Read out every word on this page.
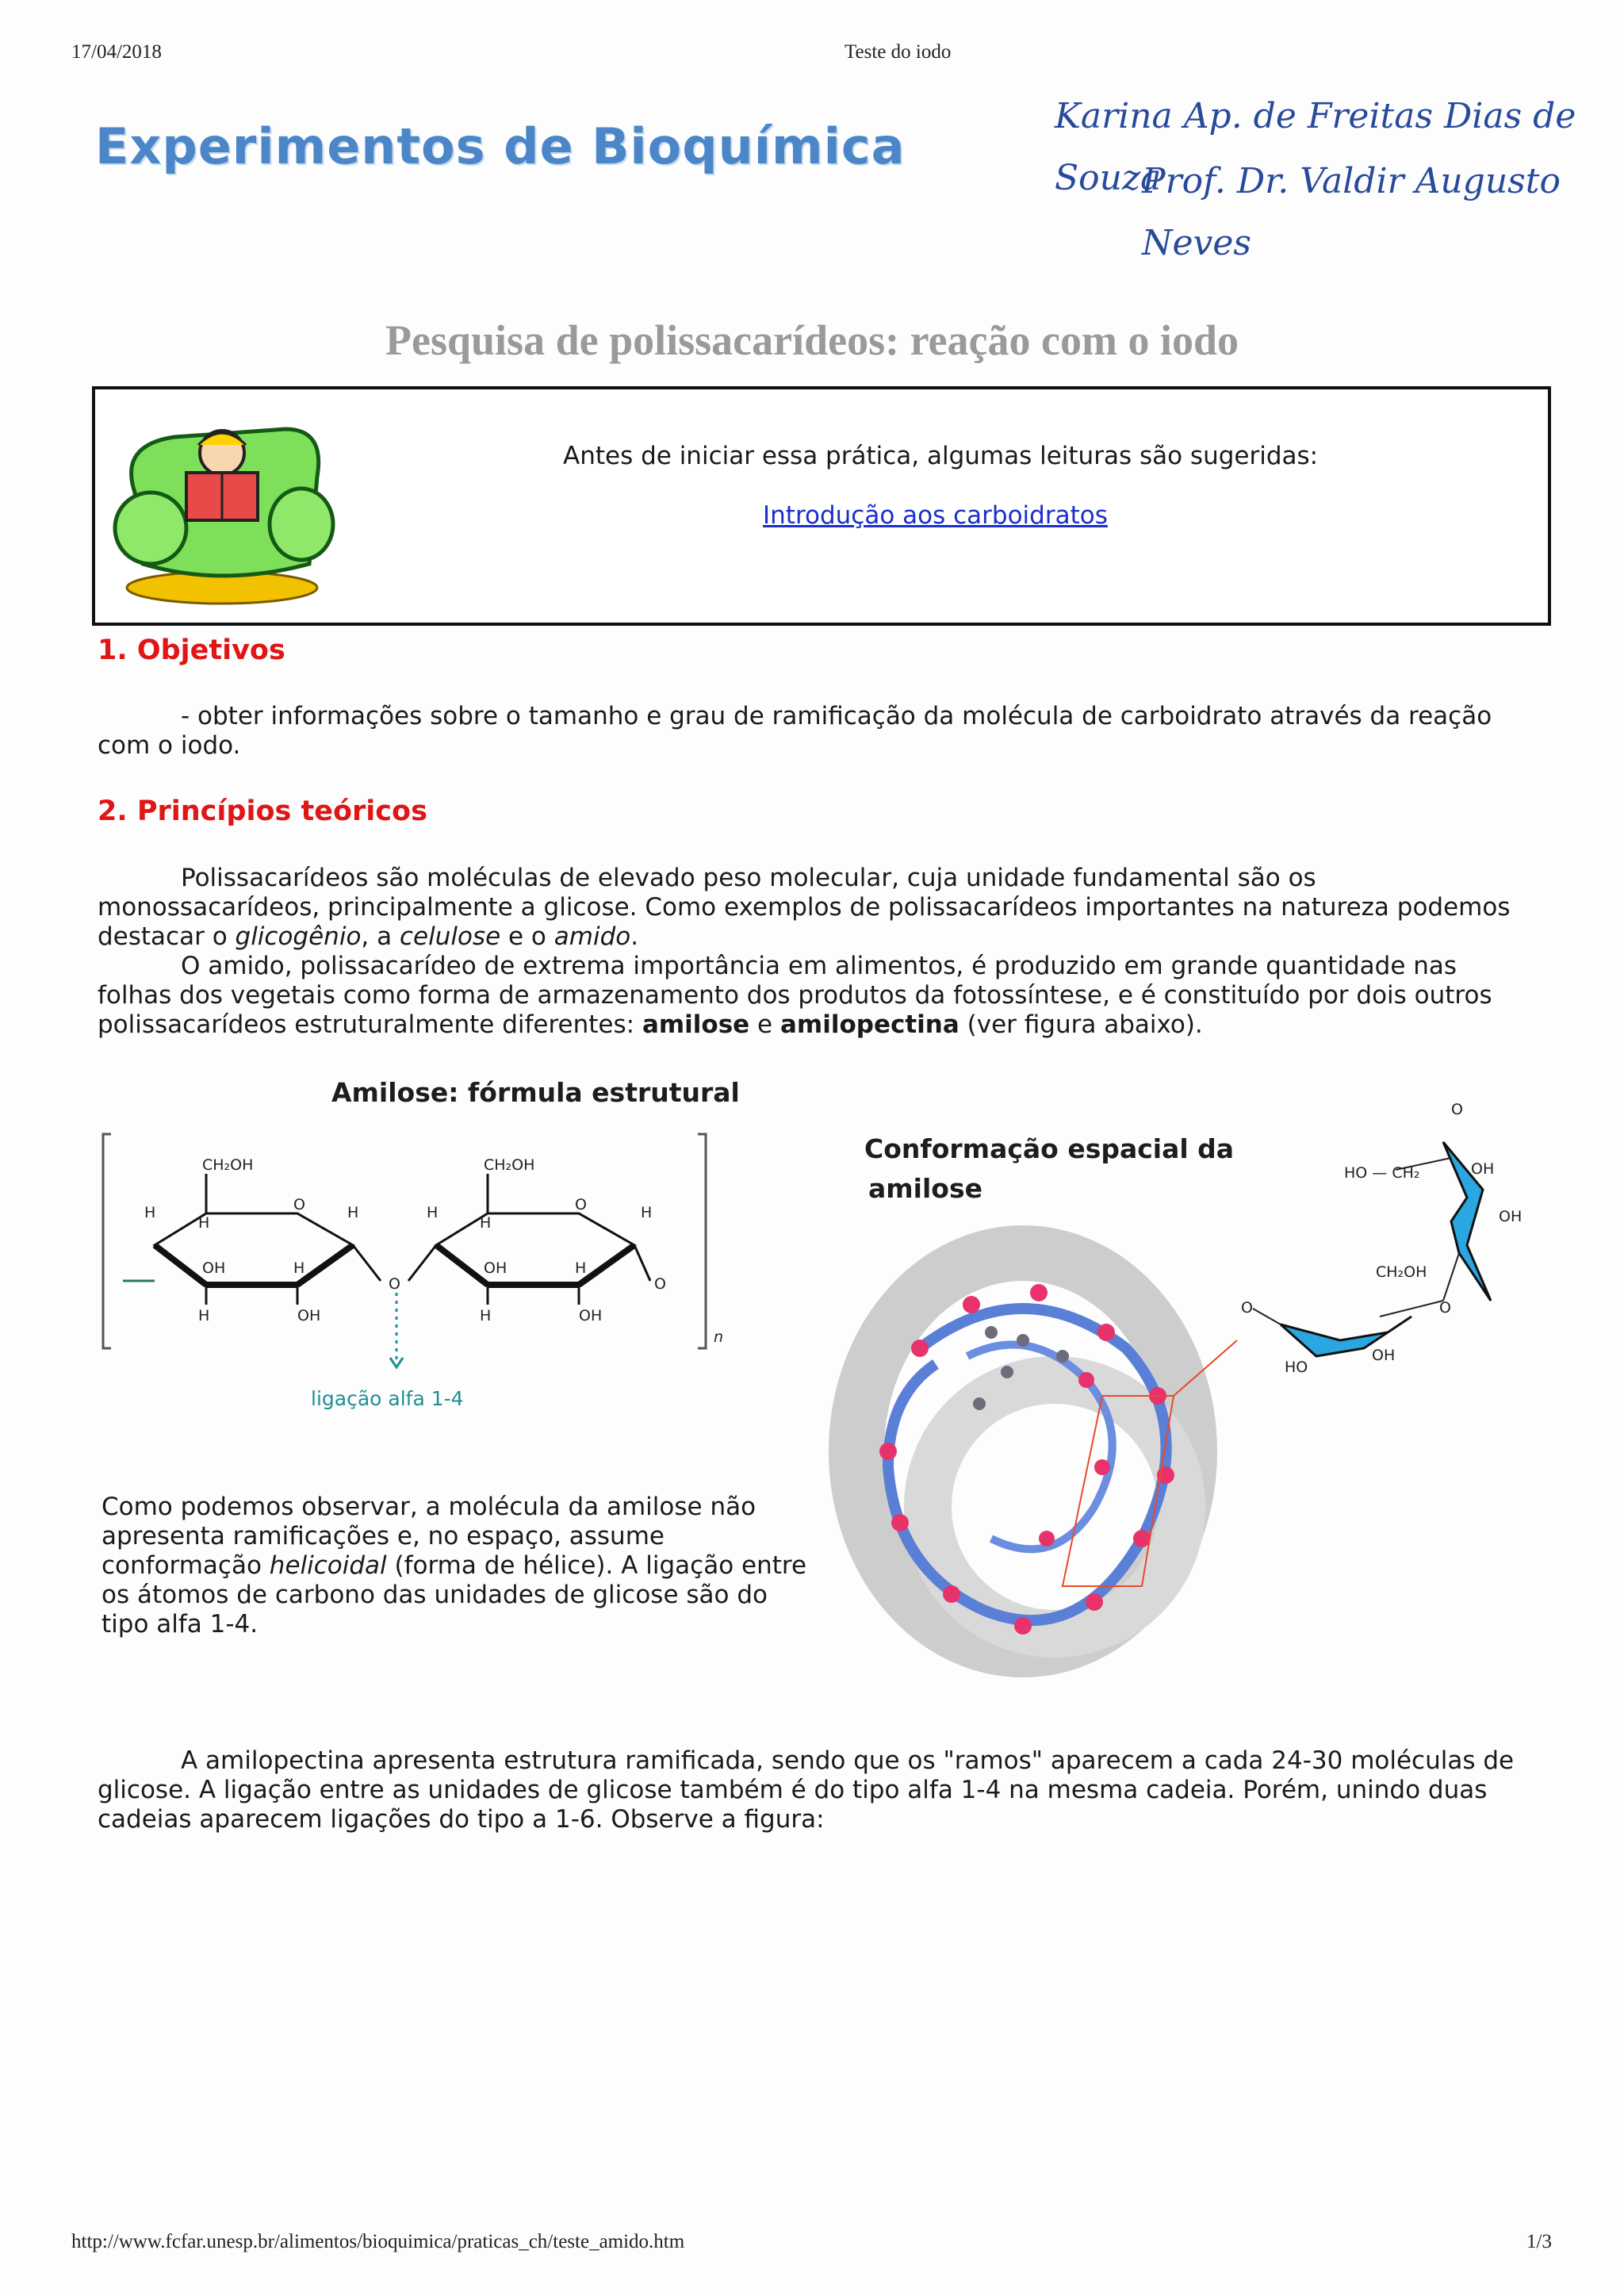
17/04/2018	Teste do iodo
Experimentos de Bioquímica
Karina Ap. de Freitas Dias de Souza
Prof. Dr. Valdir Augusto Neves
Pesquisa de polissacarídeos: reação com o iodo
Antes de iniciar essa prática, algumas leituras são sugeridas:
Introdução aos carboidratos
1. Objetivos
- obter informações sobre o tamanho e grau de ramificação da molécula de carboidrato através da reação com o iodo.
2. Princípios teóricos
Polissacarídeos são moléculas de elevado peso molecular, cuja unidade fundamental são os monossacarídeos, principalmente a glicose. Como exemplos de polissacarídeos importantes na natureza podemos destacar o glicogênio, a celulose e o amido.
O amido, polissacarídeo de extrema importância em alimentos, é produzido em grande quantidade nas folhas dos vegetais como forma de armazenamento dos produtos da fotossíntese, e é constituído por dois outros polissacarídeos estruturalmente diferentes: amilose e amilopectina (ver figura abaixo).
Amilose: fórmula estrutural
CH₂OH
O
H
H
H
OH	H
H	OH
O
CH₂OH
O
H
H
H
OH	H
H	OH
O
n
ligação alfa 1-4
Conformação espacial da
amilose	HO — CH₂
CH₂OH
OH
OH
OH
HO
O
O
O
Como podemos observar, a molécula da amilose não apresenta ramificações e, no espaço, assume conformação helicoidal (forma de hélice). A ligação entre os átomos de carbono das unidades de glicose são do tipo alfa 1-4.
A amilopectina apresenta estrutura ramificada, sendo que os "ramos" aparecem a cada 24-30 moléculas de glicose. A ligação entre as unidades de glicose também é do tipo alfa 1-4 na mesma cadeia. Porém, unindo duas cadeias aparecem ligações do tipo a 1-6. Observe a figura:
http://www.fcfar.unesp.br/alimentos/bioquimica/praticas_ch/teste_amido.htm	1/3
